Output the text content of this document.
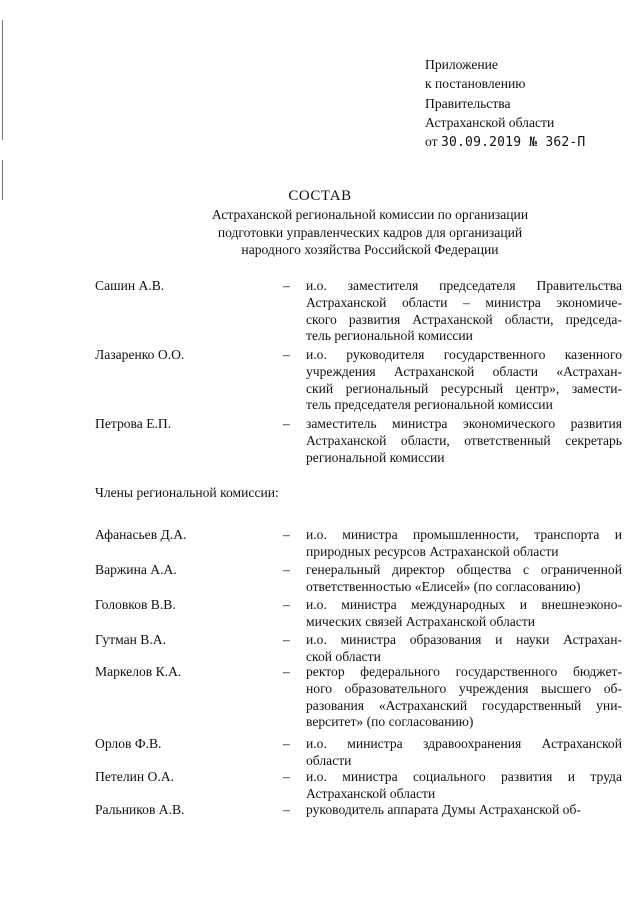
Приложение
к постановлению
Правительства
Астраханской области
от 30.09.2019 № 362-П
СОСТАВ
Астраханской региональной комиссии по организации
подготовки управленческих кадров для организаций
народного хозяйства Российской Федерации
Сашин А.В.	– и.о. заместителя председателя Правительства
Астраханской области – министра экономиче-
ского развития Астраханской области, председа-
тель региональной комиссии
Лазаренко О.О.	– и.о. руководителя государственного казенного
учреждения Астраханской области «Астрахан-
ский региональный ресурсный центр», замести-
тель председателя региональной комиссии
Петрова Е.П.	– заместитель министра экономического развития
Астраханской области, ответственный секретарь
региональной комиссии
Члены региональной комиссии:
Афанасьев Д.А.	– и.о. министра промышленности, транспорта и
природных ресурсов Астраханской области
Варжина А.А.	– генеральный директор общества с ограниченной
ответственностью «Елисей» (по согласованию)
Головков В.В.	– и.о. министра международных и внешнеэконо-
мических связей Астраханской области
Гутман В.А.	– и.о. министра образования и науки Астрахан-
ской области
Маркелов К.А.	– ректор федерального государственного бюджет-
ного образовательного учреждения высшего об-
разования «Астраханский государственный уни-
верситет» (по согласованию)
Орлов Ф.В.	– и.о. министра здравоохранения Астраханской
области
Петелин О.А.	– и.о. министра социального развития и труда
Астраханской области
Ральников А.В.	– руководитель аппарата Думы Астраханской об-
